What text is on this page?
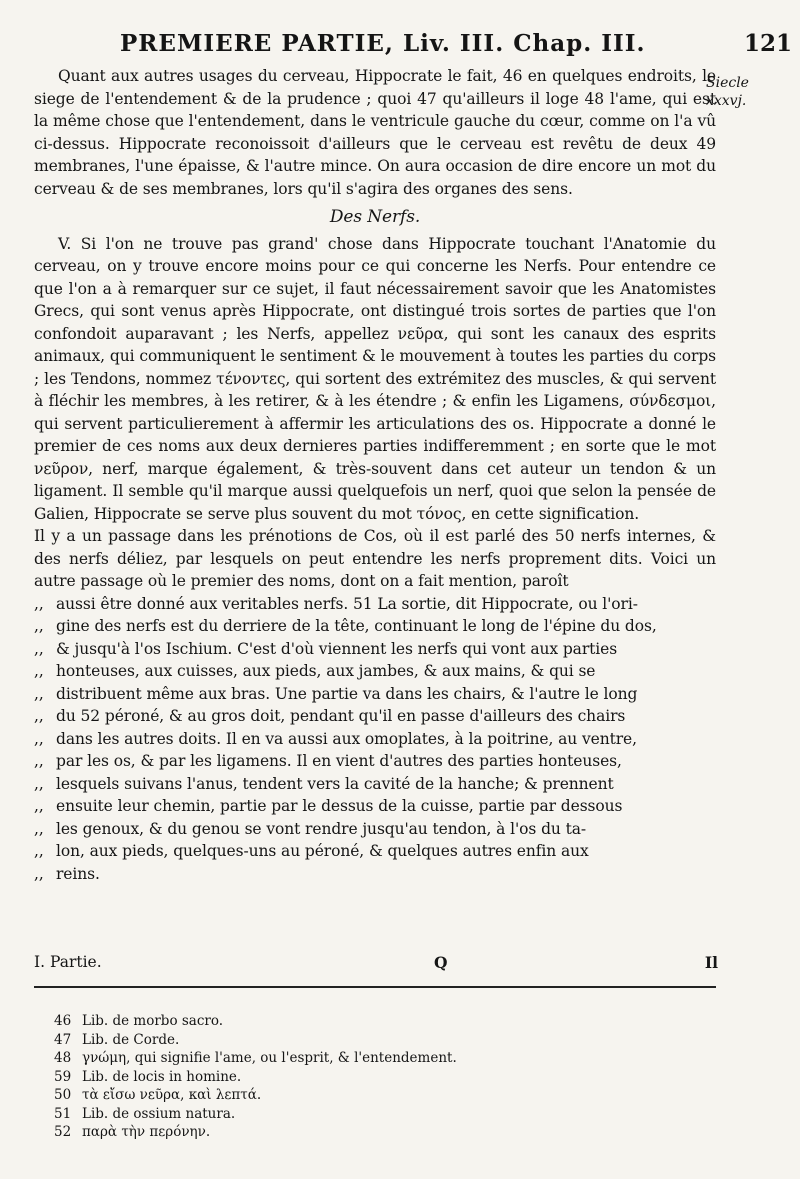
PREMIERE PARTIE, Liv. III. Chap. III.	121
Siecle
xxxvj.

Quant aux autres usages du cerveau, Hippocrate le fait, 46 en quelques endroits, le siege de l'entendement & de la prudence ; quoi 47 qu'ailleurs il loge 48 l'ame, qui est la même chose que l'entendement, dans le ventricule gauche du cœur, comme on l'a vû ci-dessus. Hippocrate reconoissoit d'ailleurs que le cerveau est revêtu de deux 49 membranes, l'une épaisse, & l'autre mince. On aura occasion de dire encore un mot du cerveau & de ses membranes, lors qu'il s'agira des organes des sens.

Des Nerfs.

V. Si l'on ne trouve pas grand' chose dans Hippocrate touchant l'Anatomie du cerveau, on y trouve encore moins pour ce qui concerne les Nerfs. Pour entendre ce que l'on a à remarquer sur ce sujet, il faut nécessairement savoir que les Anatomistes Grecs, qui sont venus après Hippocrate, ont distingué trois sortes de parties que l'on confondoit auparavant ; les Nerfs, appellez νεῦρα, qui sont les canaux des esprits animaux, qui communiquent le sentiment & le mouvement à toutes les parties du corps ; les Tendons, nommez τένοντες, qui sortent des extrémitez des muscles, & qui servent à fléchir les membres, à les retirer, & à les étendre ; & enfin les Ligamens, σύνδεσμοι, qui servent particulierement à affermir les articulations des os. Hippocrate a donné le premier de ces noms aux deux dernieres parties indifferemment ; en sorte que le mot νεῦρον, nerf, marque également, & très-souvent dans cet auteur un tendon & un ligament. Il semble qu'il marque aussi quelquefois un nerf, quoi que selon la pensée de Galien, Hippocrate se serve plus souvent du mot τόνος, en cette signification.

Il y a un passage dans les prénotions de Cos, où il est parlé des 50 nerfs internes, & des nerfs déliez, par lesquels on peut entendre les nerfs proprement dits. Voici un autre passage où le premier des noms, dont on a fait mention, paroît

,, aussi être donné aux veritables nerfs. 51 La sortie, dit Hippocrate, ou l'ori-
,, gine des nerfs est du derriere de la tête, continuant le long de l'épine du dos,
,, & jusqu'à l'os Ischium. C'est d'où viennent les nerfs qui vont aux parties
,, honteuses, aux cuisses, aux pieds, aux jambes, & aux mains, & qui se
,, distribuent même aux bras. Une partie va dans les chairs, & l'autre le long
,, du 52 péroné, & au gros doit, pendant qu'il en passe d'ailleurs des chairs
,, dans les autres doits. Il en va aussi aux omoplates, à la poitrine, au ventre,
,, par les os, & par les ligamens. Il en vient d'autres des parties honteuses,
,, lesquels suivans l'anus, tendent vers la cavité de la hanche; & prennent
,, ensuite leur chemin, partie par le dessus de la cuisse, partie par dessous
,, les genoux, & du genou se vont rendre jusqu'au tendon, à l'os du ta-
,, lon, aux pieds, quelques-uns au péroné, & quelques autres enfin aux
,, reins.
I. Partie.	Q	Il
46 Lib. de morbo sacro.
47 Lib. de Corde.
48 γνώμη, qui signifie l'ame, ou l'esprit, & l'entendement.
59 Lib. de locis in homine.
50 τὰ εἴσω νεῦρα, καὶ λεπτά.
51 Lib. de ossium natura.
52 παρὰ τὴν περόνην.
